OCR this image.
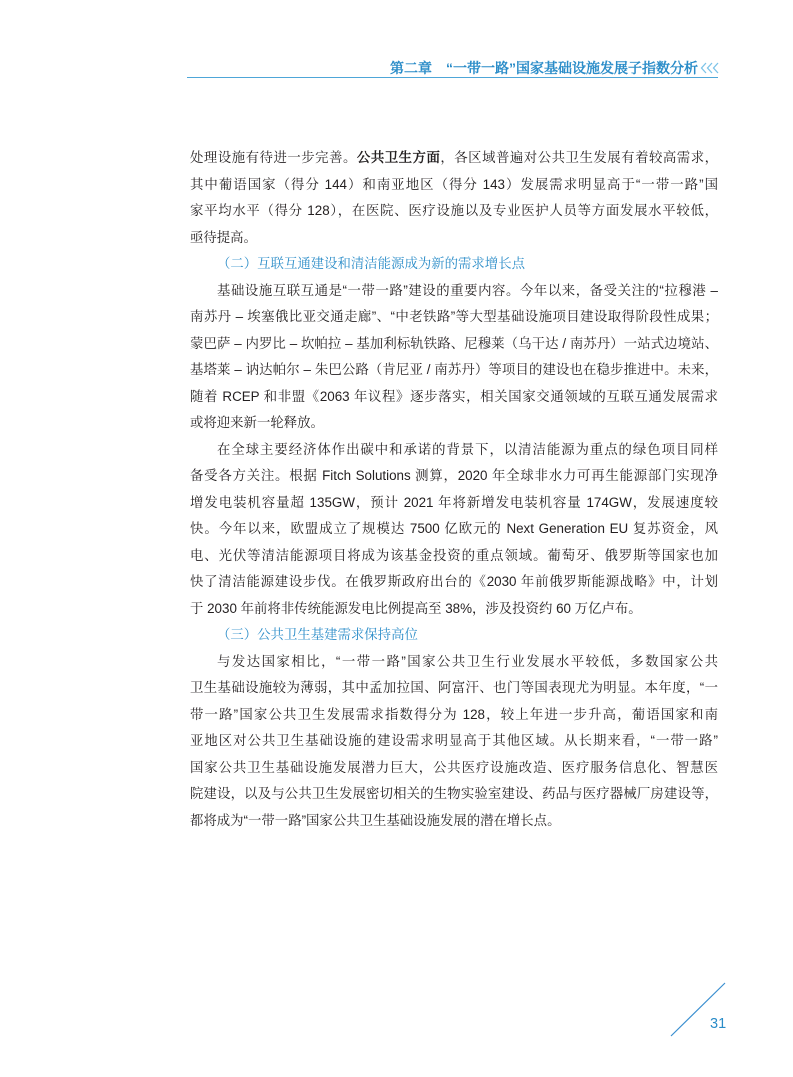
第二章 “一带一路”国家基础设施发展子指数分析
处理设施有待进一步完善。公共卫生方面，各区域普遍对公共卫生发展有着较高需求，
其中葡语国家（得分 144）和南亚地区（得分 143）发展需求明显高于“一带一路”国
家平均水平（得分 128），在医院、医疗设施以及专业医护人员等方面发展水平较低，
亟待提高。
（二）互联互通建设和清洁能源成为新的需求增长点
基础设施互联互通是“一带一路”建设的重要内容。今年以来，备受关注的“拉穆港 –
南苏丹 – 埃塞俄比亚交通走廊”、“中老铁路”等大型基础设施项目建设取得阶段性成果；
蒙巴萨 – 内罗比 – 坎帕拉 – 基加利标轨铁路、尼穆莱（乌干达 / 南苏丹）一站式边境站、
基塔莱 – 讷达帕尔 – 朱巴公路（肯尼亚 / 南苏丹）等项目的建设也在稳步推进中。未来，
随着 RCEP 和非盟《2063 年议程》逐步落实，相关国家交通领域的互联互通发展需求
或将迎来新一轮释放。
在全球主要经济体作出碳中和承诺的背景下，以清洁能源为重点的绿色项目同样
备受各方关注。根据 Fitch Solutions 测算，2020 年全球非水力可再生能源部门实现净
增发电装机容量超 135GW，预计 2021 年将新增发电装机容量 174GW，发展速度较
快。今年以来，欧盟成立了规模达 7500 亿欧元的 Next Generation EU 复苏资金，风
电、光伏等清洁能源项目将成为该基金投资的重点领域。葡萄牙、俄罗斯等国家也加
快了清洁能源建设步伐。在俄罗斯政府出台的《2030 年前俄罗斯能源战略》中，计划
于 2030 年前将非传统能源发电比例提高至 38%，涉及投资约 60 万亿卢布。
（三）公共卫生基建需求保持高位
与发达国家相比，“一带一路”国家公共卫生行业发展水平较低，多数国家公共
卫生基础设施较为薄弱，其中孟加拉国、阿富汗、也门等国表现尤为明显。本年度，“一
带一路”国家公共卫生发展需求指数得分为 128，较上年进一步升高，葡语国家和南
亚地区对公共卫生基础设施的建设需求明显高于其他区域。从长期来看，“一带一路”
国家公共卫生基础设施发展潜力巨大，公共医疗设施改造、医疗服务信息化、智慧医
院建设，以及与公共卫生发展密切相关的生物实验室建设、药品与医疗器械厂房建设等，
都将成为“一带一路”国家公共卫生基础设施发展的潜在增长点。
31
